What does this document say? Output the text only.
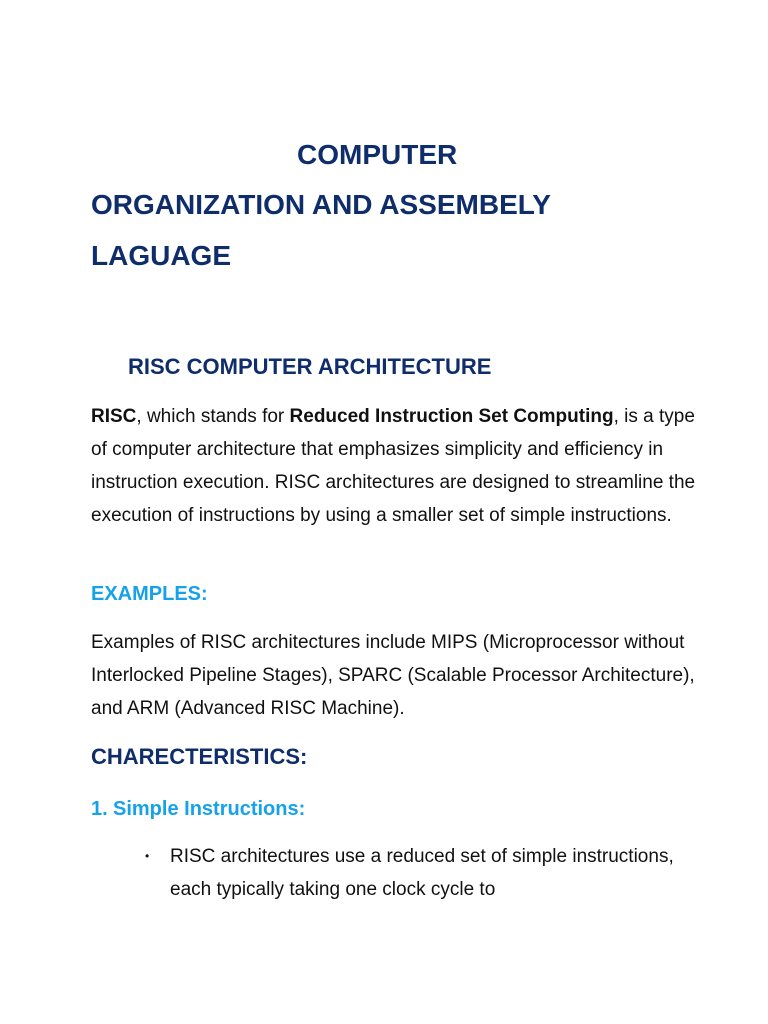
COMPUTER
ORGANIZATION AND ASSEMBELY
LAGUAGE
RISC COMPUTER ARCHITECTURE

RISC, which stands for Reduced Instruction Set Computing, is a type of computer architecture that emphasizes simplicity and efficiency in instruction execution. RISC architectures are designed to streamline the execution of instructions by using a smaller set of simple instructions.

EXAMPLES:

Examples of RISC architectures include MIPS (Microprocessor without Interlocked Pipeline Stages), SPARC (Scalable Processor Architecture), and ARM (Advanced RISC Machine).

CHARECTERISTICS:
1. Simple Instructions:

• RISC architectures use a reduced set of simple instructions, each typically taking one clock cycle to
